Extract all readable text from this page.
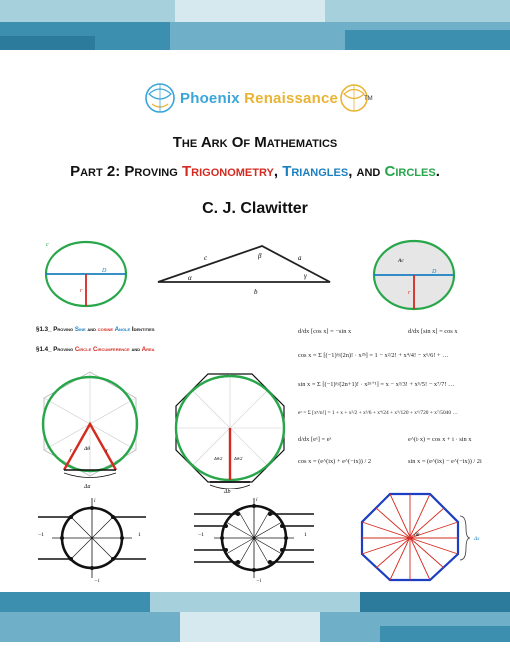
Phoenix Renaissance	TM
The Ark Of Mathematics
Part 2: Proving Trigonometry, Triangles, and Circles.
C. J. Clawitter
c
D
r
c	β	a
α	γ
b
Ac
D
r
§1.3_ Proving Sine and cosine Angle Identities
§1.4_ Proving Circle Circumference and Area
r Δθ	r
Δa
Δθ/2	Δθ/2
Δb
d/dx [cos x] = −sin x	d/dx [sin x] = cos x
cos x = Σ [(−1)ⁿ/(2n)! · x²ⁿ] = 1 − x²/2! + x⁴/4! − x⁶/6! + …
sin x = Σ [(−1)ⁿ/(2n+1)! · x²ⁿ⁺¹] = x − x³/3! + x⁵/5! − x⁷/7! …
eˣ = Σ [xⁿ/n!] = 1 + x + x²/2 + x³/6 + x⁴/24 + x⁵/120 + x⁶/720 + x⁷/5040 …
d/dx [eˣ] = eˣ	e^(i·x) = cos x + i · sin x
cos x = (e^(ix) + e^(−ix)) / 2	sin x = (e^(ix) − e^(−ix)) / 2i
i
−1	1
−i
i
−1	1
−i
Δθ
Δs
